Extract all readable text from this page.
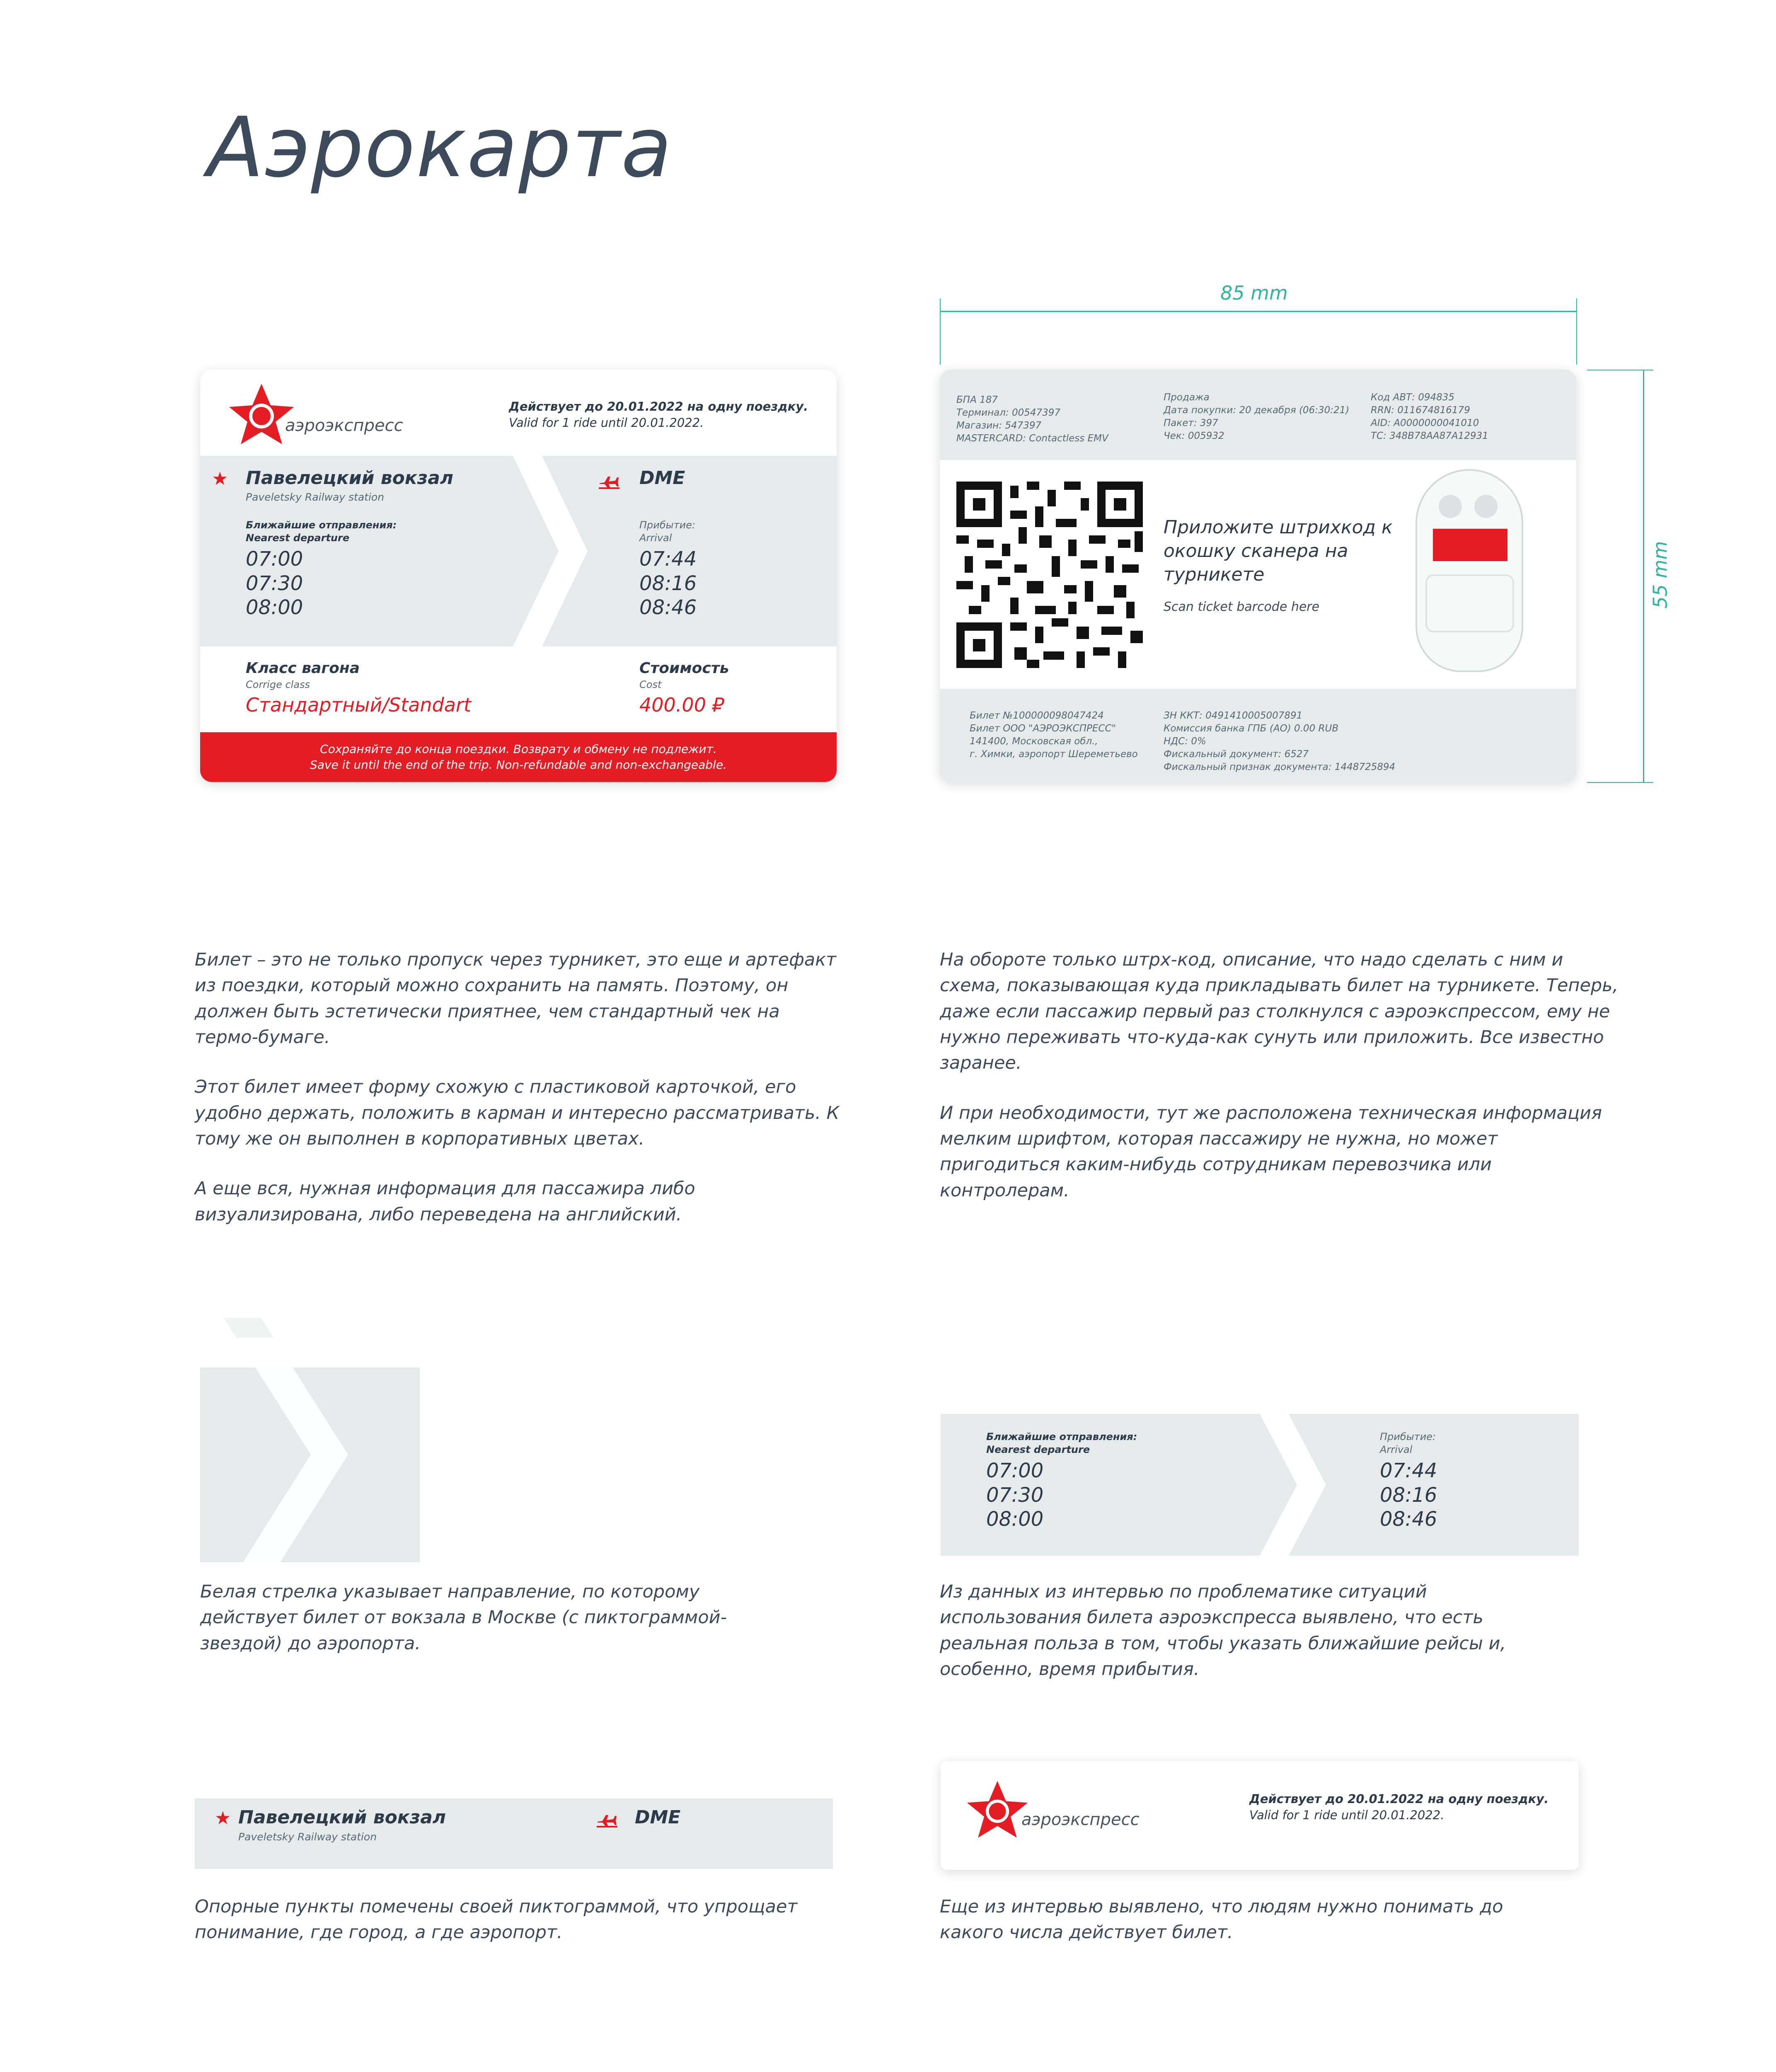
Аэрокарта
аэроэкспресс
Действует до 20.01.2022 на одну поездку.
Valid for 1 ride until 20.01.2022.
★ Павелецкий вокзал
Paveletsky Railway station
DME
Ближайшие отправления:
Nearest departure
07:00
07:30
08:00
Прибытие:
Arrival
07:44
08:16
08:46
Класс вагона
Corrige class
Стандартный/Standart
Стоимость
Cost
400.00 ₽
Сохраняйте до конца поездки. Возврату и обмену не подлежит.
Save it until the end of the trip. Non-refundable and non-exchangeable.
БПА 187
Терминал: 00547397
Магазин: 547397
MASTERCARD: Contactless EMV
Продажа
Дата покупки: 20 декабря (06:30:21)
Пакет: 397
Чек: 005932
Код АВТ: 094835
RRN: 011674816179
AID: A0000000041010
TC: 348B78AA87A12931
Приложите штрихкод к окошку сканера на турникете
Scan ticket barcode here
Билет №100000098047424
Билет ООО "АЭРОЭКСПРЕСС"
141400, Московская обл.,
г. Химки, аэропорт Шереметьево
ЗН ККТ: 0491410005007891
Комиссия банка ГПБ (АО) 0.00 RUB
НДС: 0%
Фискальный документ: 6527
Фискальный признак документа: 1448725894
85 mm
55 mm

Билет – это не только пропуск через турникет, это еще и артефакт из поездки, который можно сохранить на память. Поэтому, он должен быть эстетически приятнее, чем стандартный чек на термо-бумаге.

Этот билет имеет форму схожую с пластиковой карточкой, его удобно держать, положить в карман и интересно рассматривать. К тому же он выполнен в корпоративных цветах.

А еще вся, нужная информация для пассажира либо визуализирована, либо переведена на английский.

На обороте только штрх-код, описание, что надо сделать с ним и схема, показывающая куда прикладывать билет на турникете. Теперь, даже если пассажир первый раз столкнулся с аэроэкспрессом, ему не нужно переживать что-куда-как сунуть или приложить. Все известно заранее.

И при необходимости, тут же расположена техническая информация мелким шрифтом, которая пассажиру не нужна, но может пригодиться каким-нибудь сотрудникам перевозчика или контролерам.

Белая стрелка указывает направление, по которому действует билет от вокзала в Москве (с пиктограммой-звездой) до аэропорта.
Ближайшие отправления:
Nearest departure
07:00
07:30
08:00
Прибытие:
Arrival
07:44
08:16
08:46
Из данных из интервью по проблематике ситуаций использования билета аэроэкспресса выявлено, что есть реальная польза в том, чтобы указать ближайшие рейсы и, особенно, время прибытия.
★ Павелецкий вокзал
Paveletsky Railway station
DME
Опорные пункты помечены своей пиктограммой, что упрощает понимание, где город, а где аэропорт.
аэроэкспресс
Действует до 20.01.2022 на одну поездку.
Valid for 1 ride until 20.01.2022.
Еще из интервью выявлено, что людям нужно понимать до какого числа действует билет.
